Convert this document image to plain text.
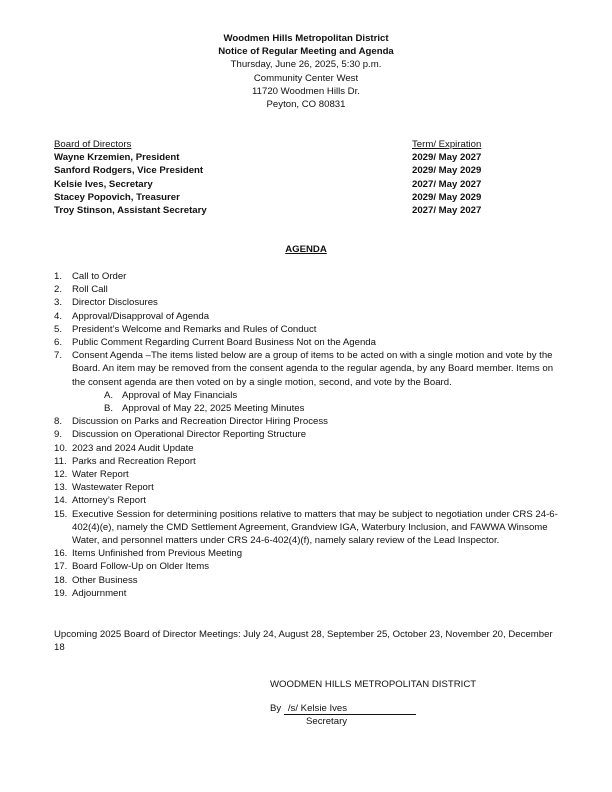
Woodmen Hills Metropolitan District
Notice of Regular Meeting and Agenda
Thursday, June 26, 2025, 5:30 p.m.
Community Center West
11720 Woodmen Hills Dr.
Peyton, CO 80831
Board of Directors	Term/ Expiration
Wayne Krzemien, President	2029/ May 2027
Sanford Rodgers, Vice President	2029/ May 2029
Kelsie Ives, Secretary	2027/ May 2027
Stacey Popovich, Treasurer	2029/ May 2029
Troy Stinson, Assistant Secretary	2027/ May 2027
AGENDA
1.	Call to Order
2.	Roll Call
3.	Director Disclosures
4.	Approval/Disapproval of Agenda
5.	President’s Welcome and Remarks and Rules of Conduct
6.	Public Comment Regarding Current Board Business Not on the Agenda
7.	Consent Agenda –The items listed below are a group of items to be acted on with a single motion and vote by the Board. An item may be removed from the consent agenda to the regular agenda, by any Board member. Items on the consent agenda are then voted on by a single motion, second, and vote by the Board.
A. Approval of May Financials
B. Approval of May 22, 2025 Meeting Minutes
8.	Discussion on Parks and Recreation Director Hiring Process
9.	Discussion on Operational Director Reporting Structure
10. 2023 and 2024 Audit Update
11. Parks and Recreation Report
12. Water Report
13. Wastewater Report
14. Attorney’s Report
15. Executive Session for determining positions relative to matters that may be subject to negotiation under CRS 24-6-402(4)(e), namely the CMD Settlement Agreement, Grandview IGA, Waterbury Inclusion, and FAWWA Winsome Water, and personnel matters under CRS 24-6-402(4)(f), namely salary review of the Lead Inspector.
16. Items Unfinished from Previous Meeting
17. Board Follow-Up on Older Items
18. Other Business
19. Adjournment
Upcoming 2025 Board of Director Meetings: July 24, August 28, September 25, October 23, November 20, December 18
WOODMEN HILLS METROPOLITAN DISTRICT
By /s/ Kelsie Ives
Secretary
